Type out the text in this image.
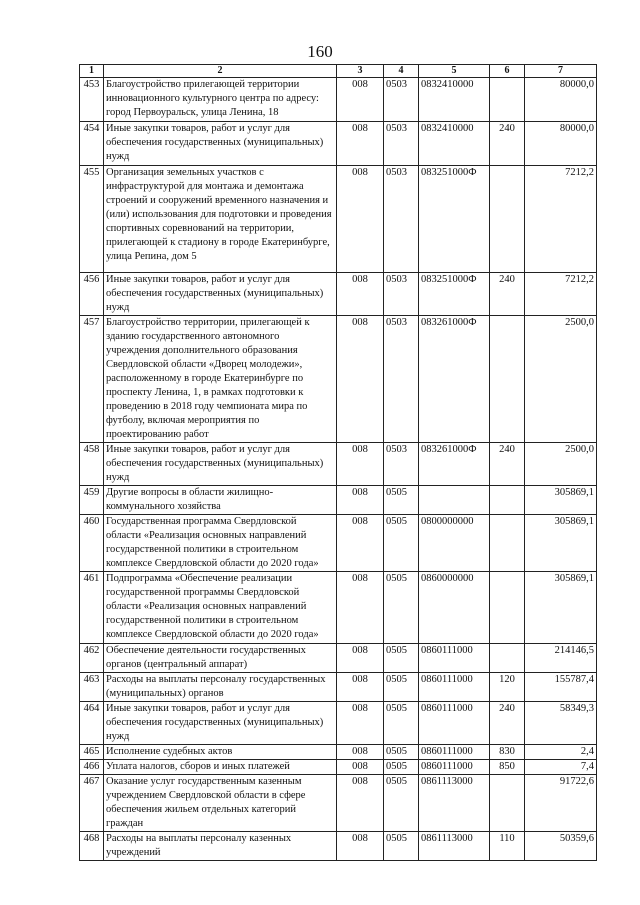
160
1	2	3	4	5	6	7
453	Благоустройство прилегающей территории инновационного культурного центра по адресу: город Первоуральск, улица Ленина, 18	008	0503	0832410000		80000,0
454	Иные закупки товаров, работ и услуг для обеспечения государственных (муниципальных) нужд	008	0503	0832410000	240	80000,0
455	Организация земельных участков с инфраструктурой для монтажа и демонтажа строений и сооружений временного назначения и (или) использования для подготовки и проведения спортивных соревнований на территории, прилегающей к стадиону в городе Екатеринбурге, улица Репина, дом 5	008	0503	083251000Ф		7212,2
456	Иные закупки товаров, работ и услуг для обеспечения государственных (муниципальных) нужд	008	0503	083251000Ф	240	7212,2
457	Благоустройство территории, прилегающей к зданию государственного автономного учреждения дополнительного образования Свердловской области «Дворец молодежи», расположенному в городе Екатеринбурге по проспекту Ленина, 1, в рамках подготовки к проведению в 2018 году чемпионата мира по футболу, включая мероприятия по проектированию работ	008	0503	083261000Ф		2500,0
458	Иные закупки товаров, работ и услуг для обеспечения государственных (муниципальных) нужд	008	0503	083261000Ф	240	2500,0
459	Другие вопросы в области жилищно-коммунального хозяйства	008	0505			305869,1
460	Государственная программа Свердловской области «Реализация основных направлений государственной политики в строительном комплексе Свердловской области до 2020 года»	008	0505	0800000000		305869,1
461	Подпрограмма «Обеспечение реализации государственной программы Свердловской области «Реализация основных направлений государственной политики в строительном комплексе Свердловской области до 2020 года»	008	0505	0860000000		305869,1
462	Обеспечение деятельности государственных органов (центральный аппарат)	008	0505	0860111000		214146,5
463	Расходы на выплаты персоналу государственных (муниципальных) органов	008	0505	0860111000	120	155787,4
464	Иные закупки товаров, работ и услуг для обеспечения государственных (муниципальных) нужд	008	0505	0860111000	240	58349,3
465	Исполнение судебных актов	008	0505	0860111000	830	2,4
466	Уплата налогов, сборов и иных платежей	008	0505	0860111000	850	7,4
467	Оказание услуг государственным казенным учреждением Свердловской области в сфере обеспечения жильем отдельных категорий граждан	008	0505	0861113000		91722,6
468	Расходы на выплаты персоналу казенных учреждений	008	0505	0861113000	110	50359,6
